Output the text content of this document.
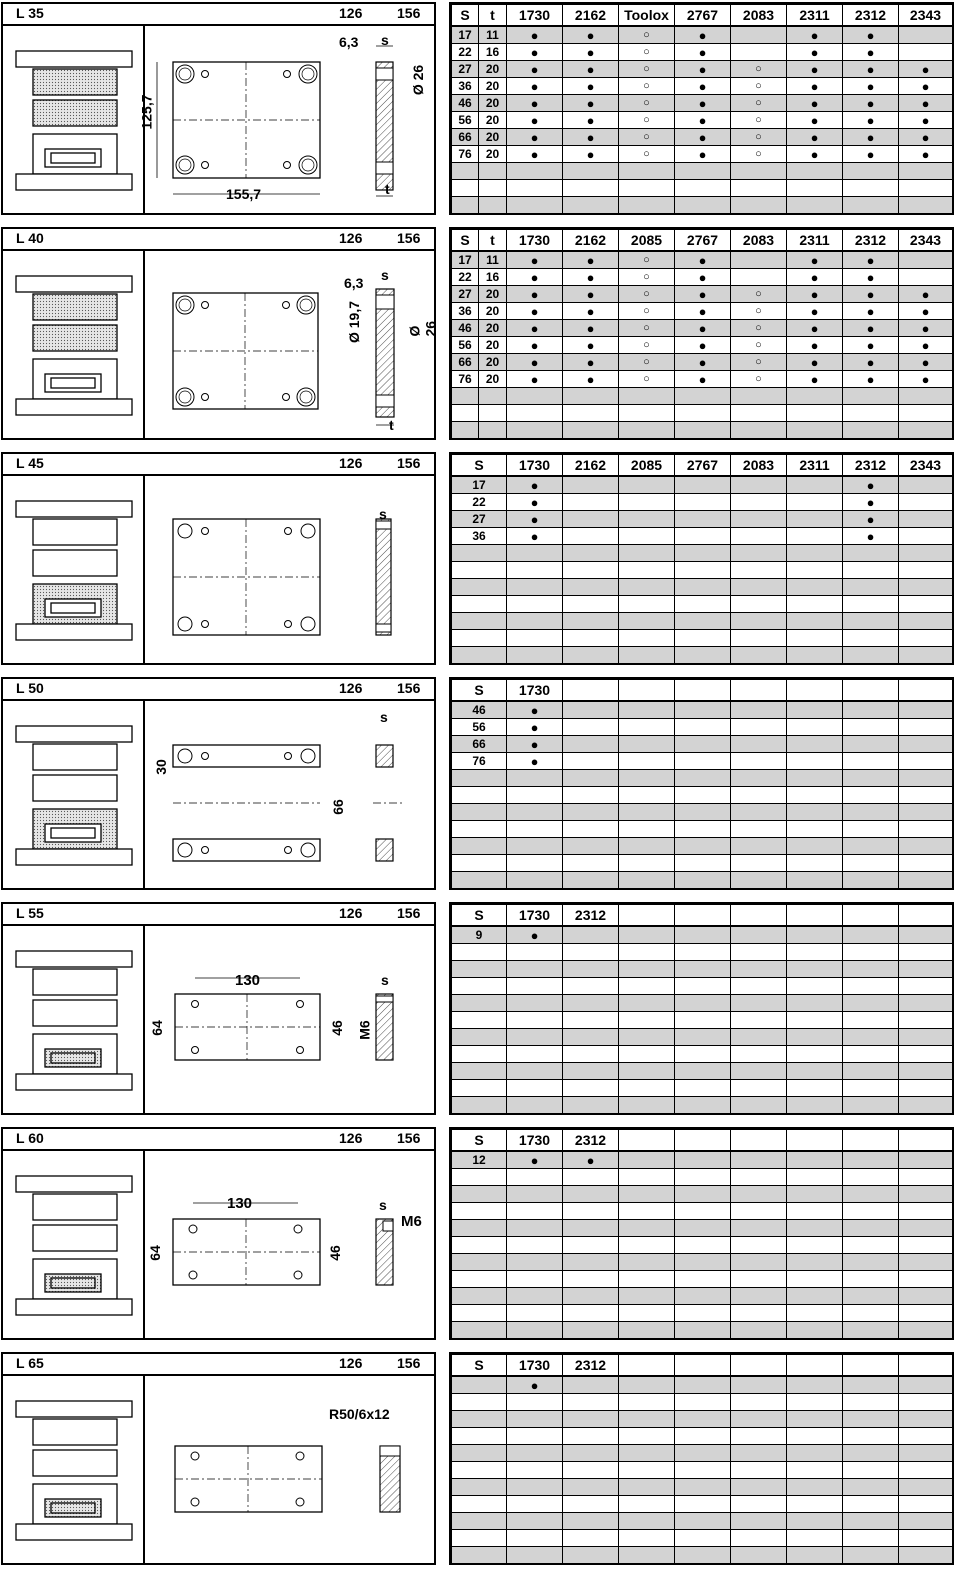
L 35	126 156
125,7
155,7
6,3 s
Ø 26
t
S	t	1730	2162	Toolox	2767	2083	2311	2312	2343
17	11	●	●	○	●		●	●	
22	16	●	●	○	●		●	●	
27	20	●	●	○	●	○	●	●	●
36	20	●	●	○	●	○	●	●	●
46	20	●	●	○	●	○	●	●	●
56	20	●	●	○	●	○	●	●	●
66	20	●	●	○	●	○	●	●	●
76	20	●	●	○	●	○	●	●	●

L 40	126 156
6,3 s
Ø 19,7	Ø 26
t
S	t	1730	2162	2085	2767	2083	2311	2312	2343
17	11	●	●	○	●		●	●	
22	16	●	●	○	●		●	●	
27	20	●	●	○	●	○	●	●	●
36	20	●	●	○	●	○	●	●	●
46	20	●	●	○	●	○	●	●	●
56	20	●	●	○	●	○	●	●	●
66	20	●	●	○	●	○	●	●	●
76	20	●	●	○	●	○	●	●	●

L 45	126 156
s
S	1730	2162	2085	2767	2083	2311	2312	2343
17	●						●	
22	●						●	
27	●						●	
36	●						●	

L 50	126 156
30
66
s
S	1730							
46	●							
56	●							
66	●							
76	●							

L 55	126 156
130
64	46 M6
s
S	1730	2312						
9	●							

L 60	126 156
130
64	46
M6
s
S	1730	2312						
12	●	●						

L 65	126 156
R50/6x12
S	1730	2312						
	●							
